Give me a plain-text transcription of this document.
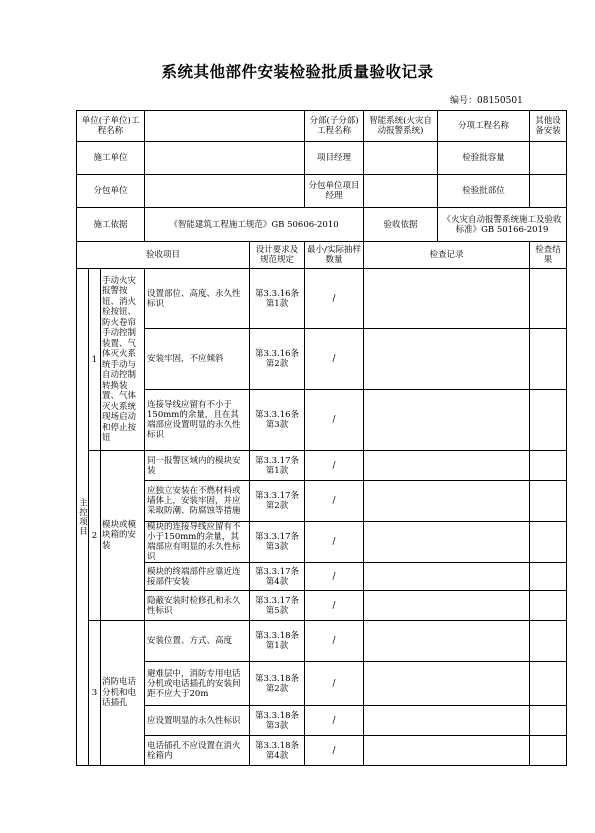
系统其他部件安装检验批质量验收记录
编号：08150501
单位(子单位)工程名称					分部(子分部)工程名称	智能系统(火灾自动报警系统)	分项工程名称	其他设备安装
施工单位					项目经理		检验批容量	
分包单位					分包单位项目经理		检验批部位	
施工依据			《智能建筑工程施工规范》GB 50606-2010			验收依据	《火灾自动报警系统施工及验收标准》GB 50166-2019	
验收项目				设计要求及规范规定	最小/实际抽样数量	检查记录		检查结果

主控项目	1	手动火灾报警按钮、消火栓按钮、防火卷帘手动控制装置、气体灭火系统手动与自动控制转换装置、气体灭火系统现场启动和停止按钮	设置部位、高度、永久性标识	第3.3.16条第1款	/			
			安装牢固，不应倾斜	第3.3.16条第2款	/			
			连接导线应留有不小于150mm的余量，且在其端部应设置明显的永久性标识	第3.3.16条第3款	/			
	2	模块或模块箱的安装	同一报警区域内的模块安装	第3.3.17条第1款	/			
			应独立安装在不燃材料或墙体上，安装牢固，并应采取防潮、防腐蚀等措施	第3.3.17条第2款	/			
			模块的连接导线应留有不小于150mm的余量，其端部应有明显的永久性标识	第3.3.17条第3款	/			
			模块的终端部件应靠近连接部件安装	第3.3.17条第4款	/			
			隐蔽安装时检修孔和永久性标识	第3.3.17条第5款	/			
	3	消防电话分机和电话插孔	安装位置、方式、高度	第3.3.18条第1款	/			
			避难层中，消防专用电话分机或电话插孔的安装间距不应大于20m	第3.3.18条第2款	/			
			应设置明显的永久性标识	第3.3.18条第3款	/			
			电话插孔不应设置在消火栓箱内	第3.3.18条第4款	/			
